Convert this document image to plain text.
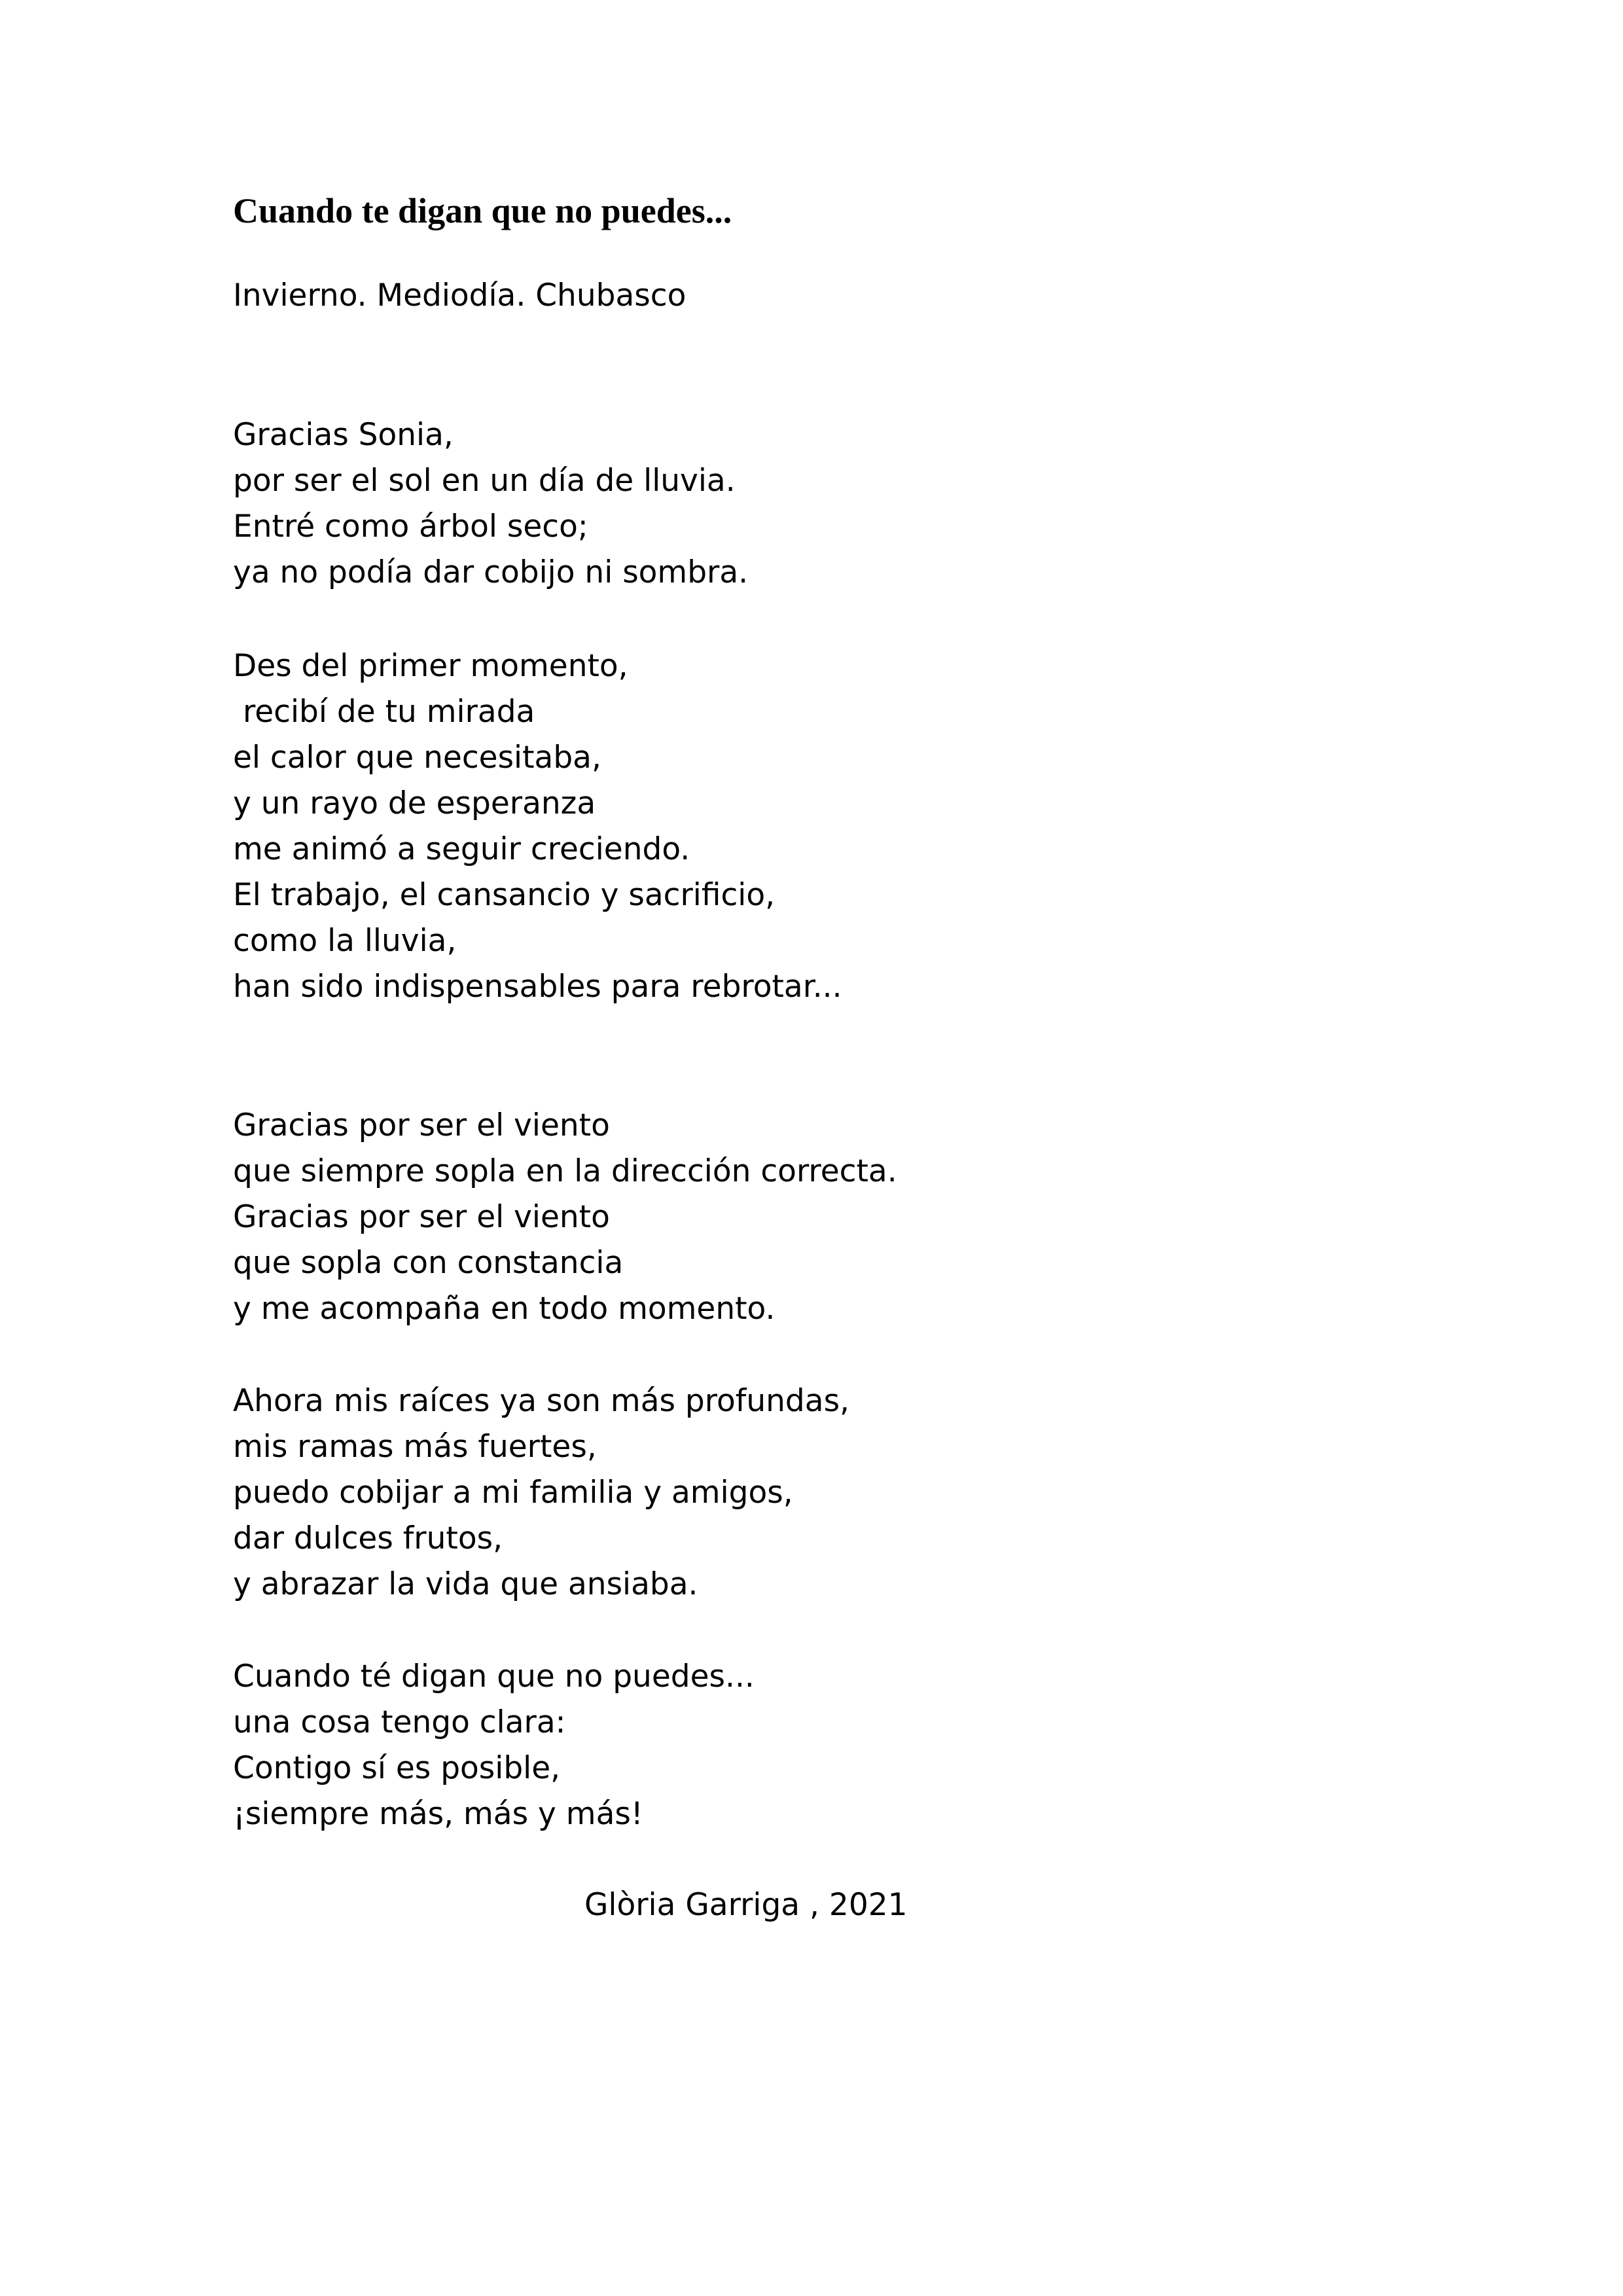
Cuando te digan que no puedes...

Invierno. Mediodía. Chubasco

Gracias Sonia,
por ser el sol en un día de lluvia.
Entré como árbol seco;
ya no podía dar cobijo ni sombra.
Des del primer momento,
recibí de tu mirada
el calor que necesitaba,
y un rayo de esperanza
me animó a seguir creciendo.
El trabajo, el cansancio y sacrificio,
como la lluvia,
han sido indispensables para rebrotar...
Gracias por ser el viento
que siempre sopla en la dirección correcta.
Gracias por ser el viento
que sopla con constancia
y me acompaña en todo momento.
Ahora mis raíces ya son más profundas,
mis ramas más fuertes,
puedo cobijar a mi familia y amigos,
dar dulces frutos,
y abrazar la vida que ansiaba.
Cuando té digan que no puedes...
una cosa tengo clara:
Contigo sí es posible,
¡siempre más, más y más!

Glòria Garriga , 2021
